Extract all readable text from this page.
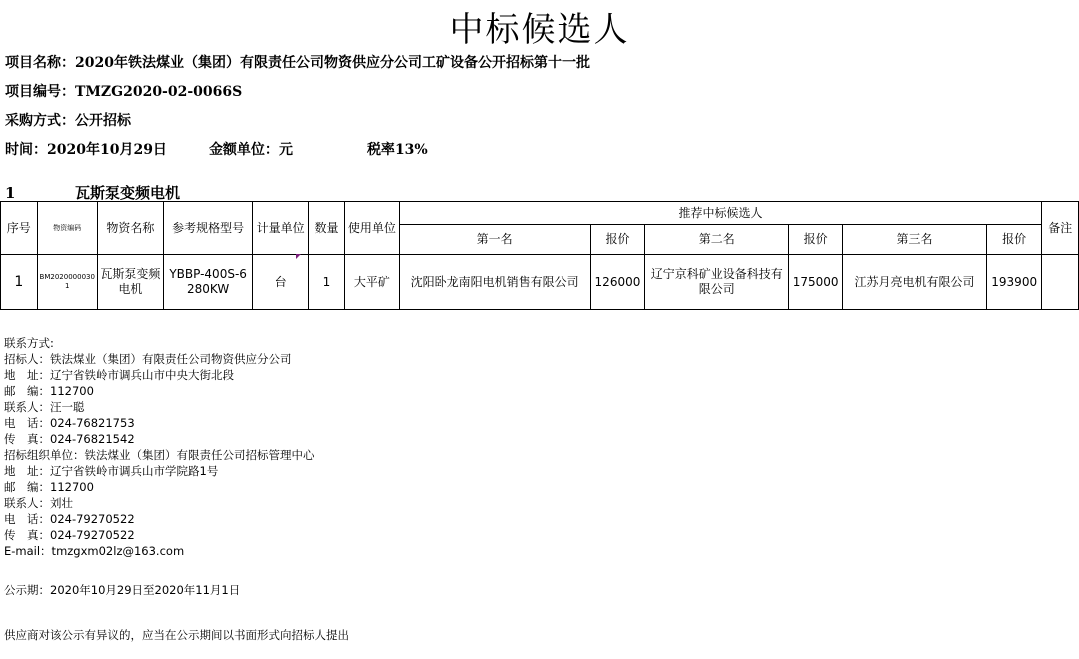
中标候选人
项目名称：2020年铁法煤业（集团）有限责任公司物资供应分公司工矿设备公开招标第十一批
项目编号：TMZG2020-02-0066S
采购方式：公开招标
时间：2020年10月29日	金额单位：元	税率13%
1	瓦斯泵变频电机
序号	物资编码	物资名称	参考规格型号	计量单位	数量	使用单位	推荐中标候选人						备注
							第一名	报价	第二名	报价	第三名	报价	
1	BM2020000030 1	瓦斯泵变频电机	YBBP-400S-6 280KW	台	1	大平矿	沈阳卧龙南阳电机销售有限公司	126000	辽宁京科矿业设备科技有限公司	175000	江苏月亮电机有限公司	193900	
联系方式:
招标人：铁法煤业（集团）有限责任公司物资供应分公司
地　址：辽宁省铁岭市调兵山市中央大街北段
邮　编：112700
联系人：汪一聪
电　话：024-76821753
传　真：024-76821542
招标组织单位：铁法煤业（集团）有限责任公司招标管理中心
地　址：辽宁省铁岭市调兵山市学院路1号
邮　编：112700
联系人：刘壮
电　话：024-79270522
传　真：024-79270522
E-mail：tmzgxm02lz@163.com
公示期：2020年10月29日至2020年11月1日
供应商对该公示有异议的，应当在公示期间以书面形式向招标人提出
